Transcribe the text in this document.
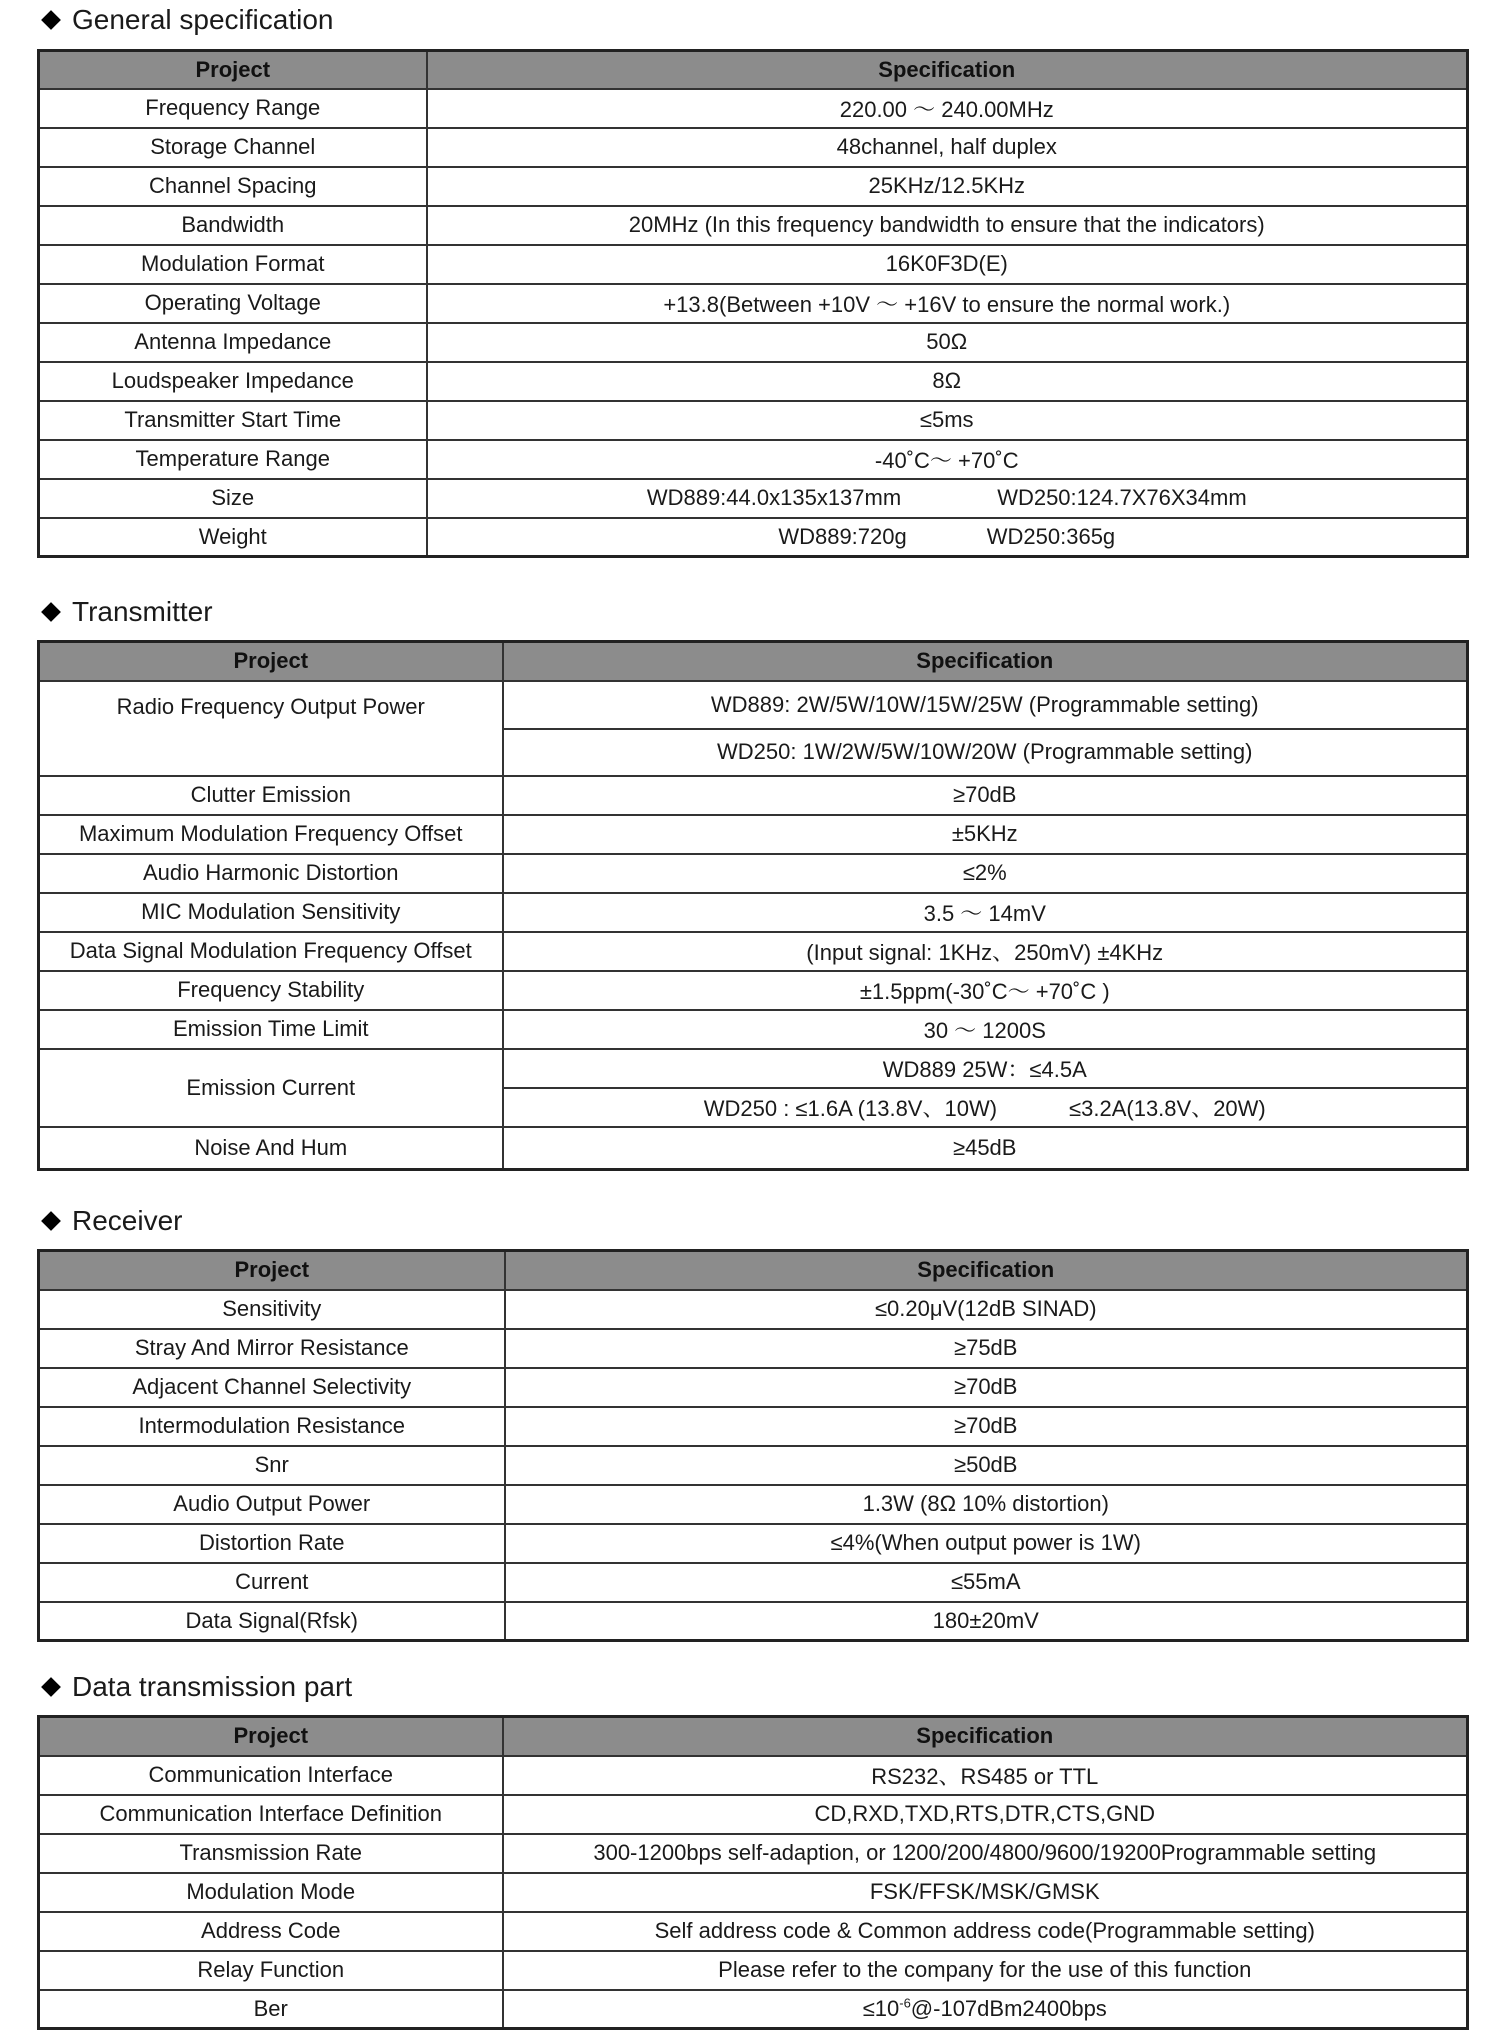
General specification
Project	Specification
Frequency Range	220.00 ～ 240.00MHz
Storage Channel	48channel, half duplex
Channel Spacing	25KHz/12.5KHz
Bandwidth	20MHz (In this frequency bandwidth to ensure that the indicators)
Modulation Format	16K0F3D(E)
Operating Voltage	+13.8(Between +10V ～ +16V to ensure the normal work.)
Antenna Impedance	50Ω
Loudspeaker Impedance	8Ω
Transmitter Start Time	≤5ms
Temperature Range	-40˚C～ +70˚C
Size	WD889:44.0x135x137mm WD250:124.7X76X34mm
Weight	WD889:720g WD250:365g
Transmitter
Project	Specification
Radio Frequency Output Power	WD889: 2W/5W/10W/15W/25W (Programmable setting)
	WD250: 1W/2W/5W/10W/20W (Programmable setting)
Clutter Emission	≥70dB
Maximum Modulation Frequency Offset	±5KHz
Audio Harmonic Distortion	≤2%
MIC Modulation Sensitivity	3.5 ～ 14mV
Data Signal Modulation Frequency Offset	(Input signal: 1KHz、250mV) ±4KHz
Frequency Stability	±1.5ppm(-30˚C～ +70˚C )
Emission Time Limit	30 ～ 1200S
Emission Current	WD889 25W：≤4.5A
	WD250 : ≤1.6A (13.8V、10W) ≤3.2A(13.8V、20W)
Noise And Hum	≥45dB
Receiver
Project	Specification
Sensitivity	≤0.20μV(12dB SINAD)
Stray And Mirror Resistance	≥75dB
Adjacent Channel Selectivity	≥70dB
Intermodulation Resistance	≥70dB
Snr	≥50dB
Audio Output Power	1.3W (8Ω 10% distortion)
Distortion Rate	≤4%(When output power is 1W)
Current	≤55mA
Data Signal(Rfsk)	180±20mV
Data transmission part
Project	Specification
Communication Interface	RS232、RS485 or TTL
Communication Interface Definition	CD,RXD,TXD,RTS,DTR,CTS,GND
Transmission Rate	300-1200bps self-adaption, or 1200/200/4800/9600/19200Programmable setting
Modulation Mode	FSK/FFSK/MSK/GMSK
Address Code	Self address code & Common address code(Programmable setting)
Relay Function	Please refer to the company for the use of this function
Ber	$\le 10^{-6}@-107dBm2400bps$
